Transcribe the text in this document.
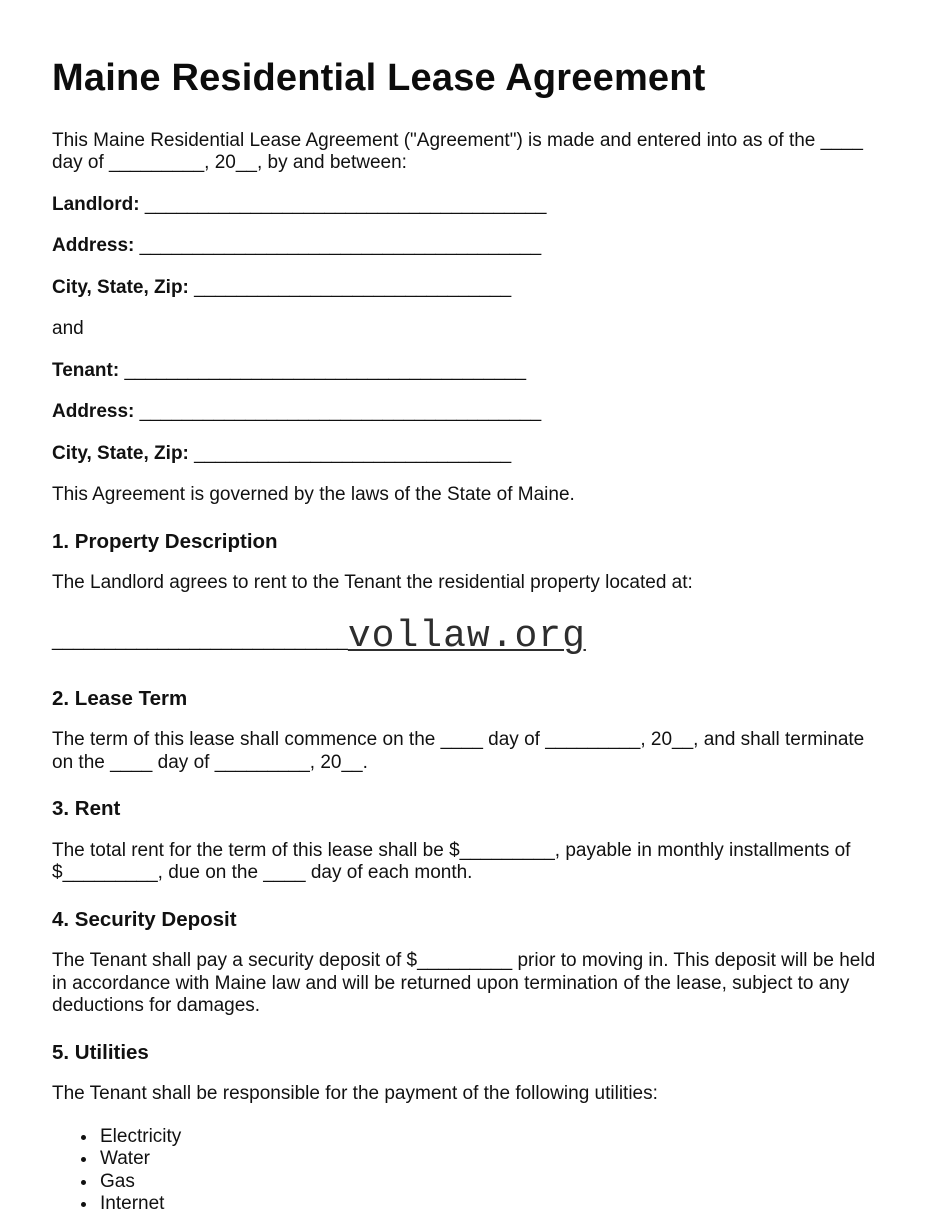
Maine Residential Lease Agreement

This Maine Residential Lease Agreement ("Agreement") is made and entered into as of the ____ day of _________, 20__, by and between:

Landlord: ______________________________________

Address: ______________________________________

City, State, Zip: ______________________________

and

Tenant: ______________________________________

Address: ______________________________________

City, State, Zip: ______________________________

This Agreement is governed by the laws of the State of Maine.

1. Property Description

The Landlord agrees to rent to the Tenant the residential property located at:

____________________________vollaw.org

2. Lease Term

The term of this lease shall commence on the ____ day of _________, 20__, and shall terminate on the ____ day of _________, 20__.

3. Rent

The total rent for the term of this lease shall be $_________, payable in monthly installments of $_________, due on the ____ day of each month.

4. Security Deposit

The Tenant shall pay a security deposit of $_________ prior to moving in. This deposit will be held in accordance with Maine law and will be returned upon termination of the lease, subject to any deductions for damages.

5. Utilities

The Tenant shall be responsible for the payment of the following utilities:

• Electricity
• Water
• Gas
• Internet
